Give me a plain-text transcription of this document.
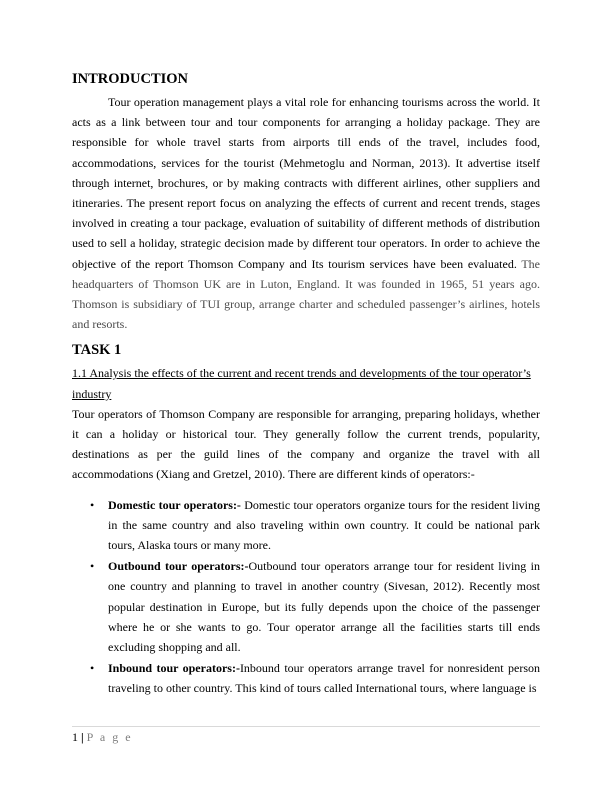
INTRODUCTION

Tour operation management plays a vital role for enhancing tourisms across the world. It acts as a link between tour and tour components for arranging a holiday package. They are responsible for whole travel starts from airports till ends of the travel, includes food, accommodations, services for the tourist (Mehmetoglu and Norman, 2013). It advertise itself through internet, brochures, or by making contracts with different airlines, other suppliers and itineraries. The present report focus on analyzing the effects of current and recent trends, stages involved in creating a tour package, evaluation of suitability of different methods of distribution used to sell a holiday, strategic decision made by different tour operators. In order to achieve the objective of the report Thomson Company and Its tourism services have been evaluated. The headquarters of Thomson UK are in Luton, England. It was founded in 1965, 51 years ago. Thomson is subsidiary of TUI group, arrange charter and scheduled passenger’s airlines, hotels and resorts.

TASK 1

1.1 Analysis the effects of the current and recent trends and developments of the tour operator’s industry

Tour operators of Thomson Company are responsible for arranging, preparing holidays, whether it can a holiday or historical tour. They generally follow the current trends, popularity, destinations as per the guild lines of the company and organize the travel with all accommodations (Xiang and Gretzel, 2010). There are different kinds of operators:-

• Domestic tour operators:- Domestic tour operators organize tours for the resident living in the same country and also traveling within own country. It could be national park tours, Alaska tours or many more.

• Outbound tour operators:-Outbound tour operators arrange tour for resident living in one country and planning to travel in another country (Sivesan, 2012). Recently most popular destination in Europe, but its fully depends upon the choice of the passenger where he or she wants to go. Tour operator arrange all the facilities starts till ends excluding shopping and all.

• Inbound tour operators:-Inbound tour operators arrange travel for nonresident person traveling to other country. This kind of tours called International tours, where language is

1 | P a g e
